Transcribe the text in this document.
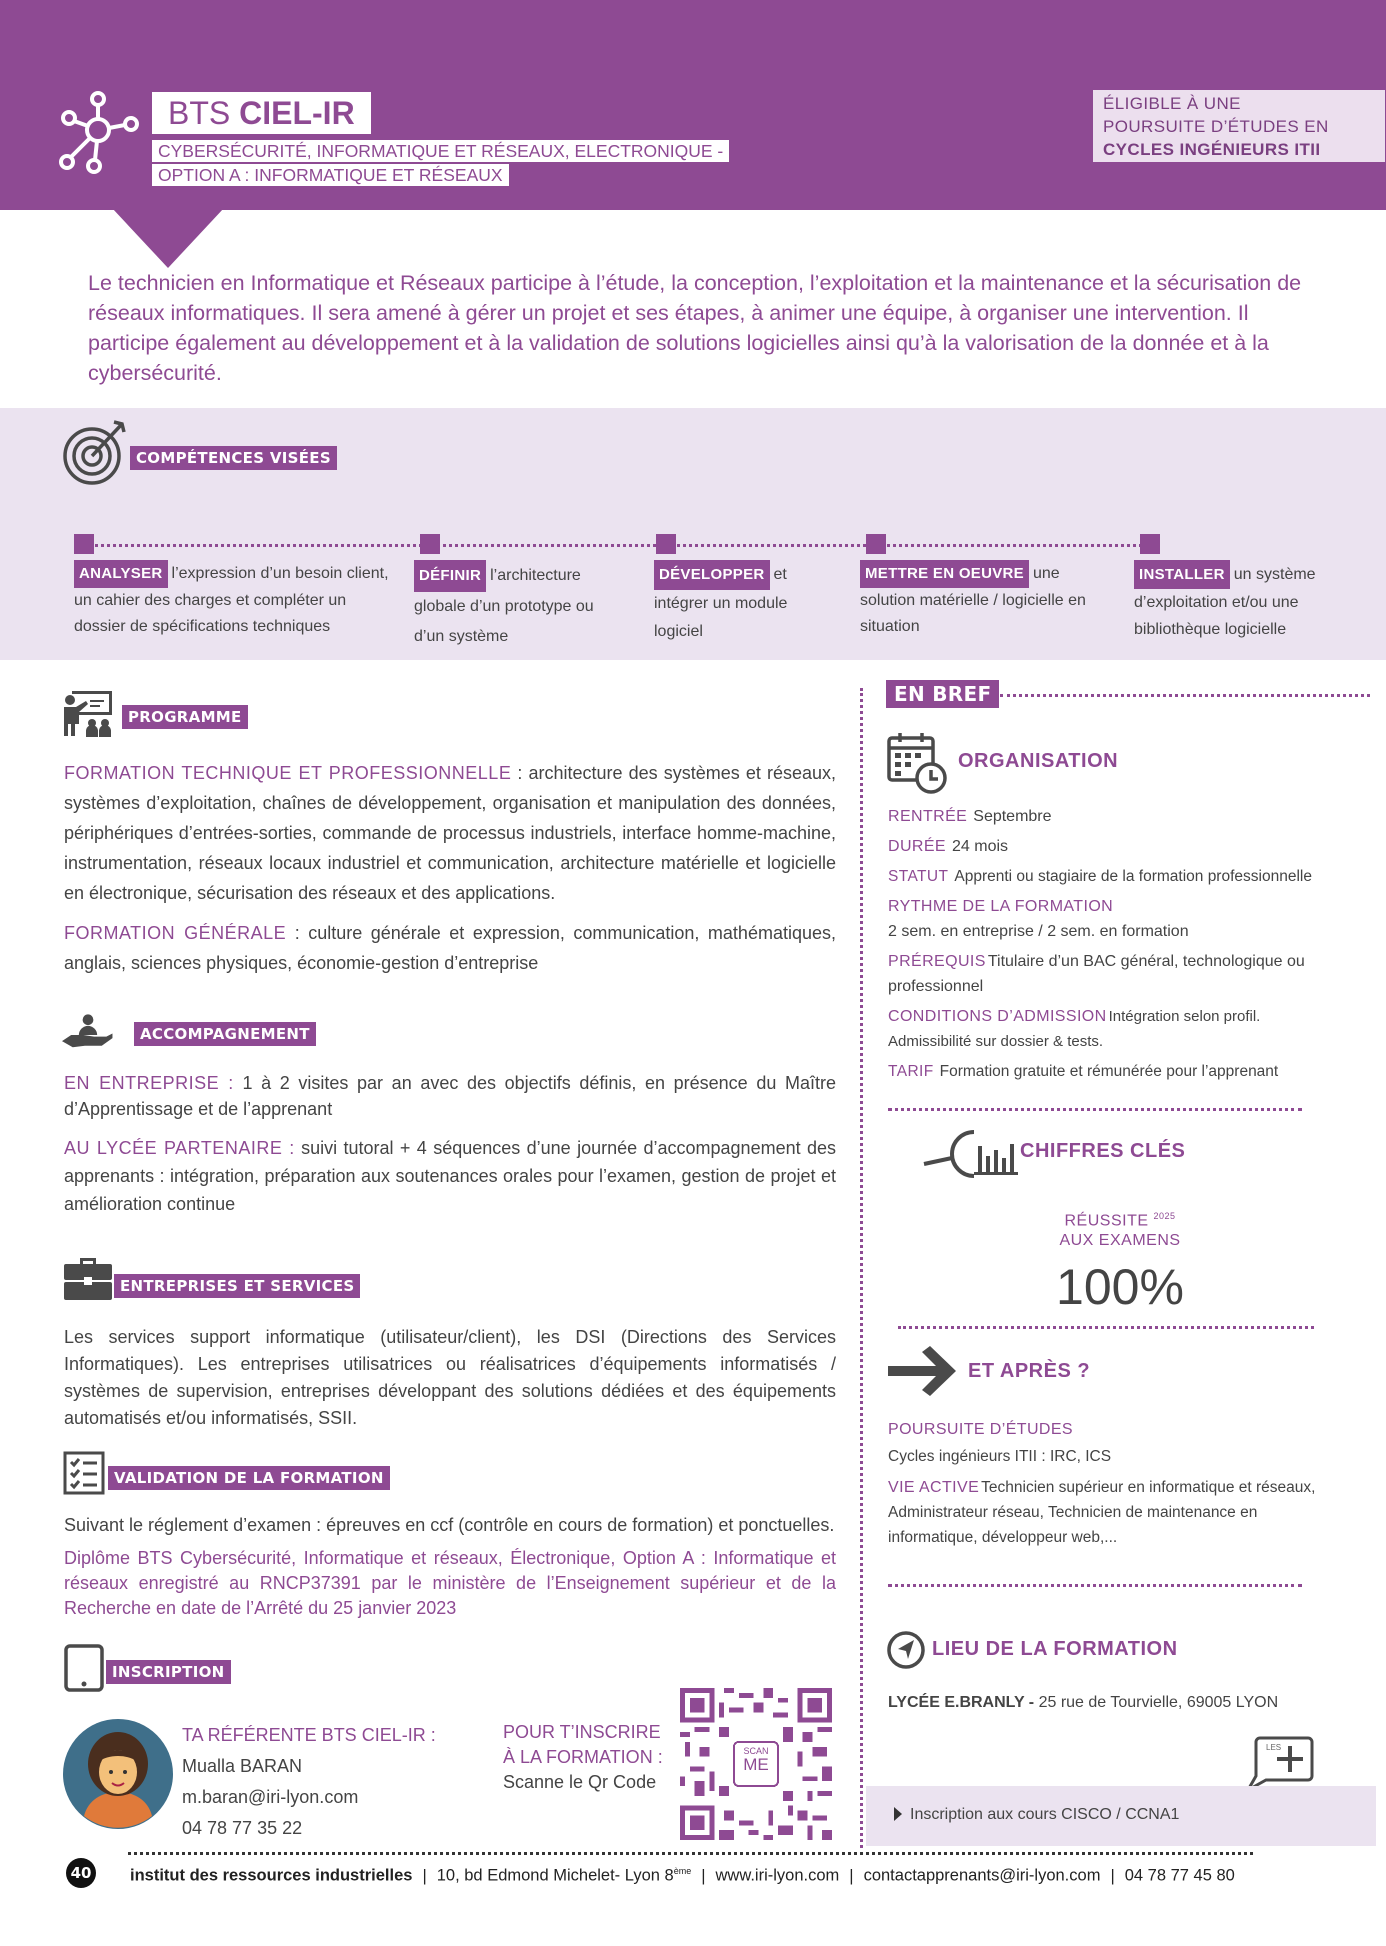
BTS CIEL-IR
CYBERSÉCURITÉ, INFORMATIQUE ET RÉSEAUX, ELECTRONIQUE -
OPTION A : INFORMATIQUE ET RÉSEAUX
ÉLIGIBLE À UNE
POURSUITE D’ÉTUDES EN
CYCLES INGÉNIEURS ITII
Le technicien en Informatique et Réseaux participe à l’étude, la conception, l’exploitation et la maintenance et la sécurisation de réseaux informatiques. Il sera amené à gérer un projet et ses étapes, à animer une équipe, à organiser une intervention. Il participe également au développement et à la validation de solutions logicielles ainsi qu’à la valorisation de la donnée et à la cybersécurité.
COMPÉTENCES VISÉES
ANALYSER l’expression d’un besoin client, un cahier des charges et compléter un dossier de spécifications techniques
DÉFINIR l’architecture globale d’un prototype ou d’un système
DÉVELOPPER et intégrer un module logiciel
METTRE EN OEUVRE une solution matérielle / logicielle en situation
INSTALLER un système d’exploitation et/ou une bibliothèque logicielle
PROGRAMME
FORMATION TECHNIQUE ET PROFESSIONNELLE : architecture des systèmes et réseaux, systèmes d’exploitation, chaînes de développement, organisation et manipulation des données, périphériques d’entrées-sorties, commande de processus industriels, interface homme-machine, instrumentation, réseaux locaux industriel et communication, architecture matérielle et logicielle en électronique, sécurisation des réseaux et des applications.
FORMATION GÉNÉRALE : culture générale et expression, communication, mathématiques, anglais, sciences physiques, économie-gestion d’entreprise
ACCOMPAGNEMENT
EN ENTREPRISE : 1 à 2 visites par an avec des objectifs définis, en présence du Maître d’Apprentissage et de l’apprenant
AU LYCÉE PARTENAIRE : suivi tutoral + 4 séquences d’une journée d’accompagnement des apprenants : intégration, préparation aux soutenances orales pour l’examen, gestion de projet et amélioration continue
ENTREPRISES ET SERVICES
Les services support informatique (utilisateur/client), les DSI (Directions des Services Informatiques). Les entreprises utilisatrices ou réalisatrices d’équipements informatisés / systèmes de supervision, entreprises développant des solutions dédiées et des équipements automatisés et/ou informatisés, SSII.
VALIDATION DE LA FORMATION
Suivant le réglement d’examen : épreuves en ccf (contrôle en cours de formation) et ponctuelles.
Diplôme BTS Cybersécurité, Informatique et réseaux, Électronique, Option A : Informatique et réseaux enregistré au RNCP37391 par le ministère de l’Enseignement supérieur et de la Recherche en date de l’Arrêté du 25 janvier 2023
INSCRIPTION
TA RÉFÉRENTE BTS CIEL-IR :
Mualla BARAN
m.baran@iri-lyon.com
04 78 77 35 22
POUR T’INSCRIRE
À LA FORMATION :
Scanne le Qr Code
SCAN
ME
EN BREF
ORGANISATION
RENTRÉE Septembre
DURÉE 24 mois
STATUT Apprenti ou stagiaire de la formation professionnelle
RYTHME DE LA FORMATION
2 sem. en entreprise / 2 sem. en formation
PRÉREQUIS Titulaire d’un BAC général, technologique ou professionnel
CONDITIONS D’ADMISSION Intégration selon profil. Admissibilité sur dossier & tests.
TARIF Formation gratuite et rémunérée pour l’apprenant
CHIFFRES CLÉS
RÉUSSITE $^{2025}$
AUX EXAMENS
100%
ET APRÈS ?
POURSUITE D’ÉTUDES
Cycles ingénieurs ITII : IRC, ICS
VIE ACTIVE Technicien supérieur en informatique et réseaux, Administrateur réseau, Technicien de maintenance en informatique, développeur web,...
LIEU DE LA FORMATION
LYCÉE E.BRANLY - 25 rue de Tourvielle, 69005 LYON
LES
Inscription aux cours CISCO / CCNA1
40 institut des ressources industrielles | 10, bd Edmond Michelet- Lyon 8ème | www.iri-lyon.com | contactapprenants@iri-lyon.com | 04 78 77 45 80
